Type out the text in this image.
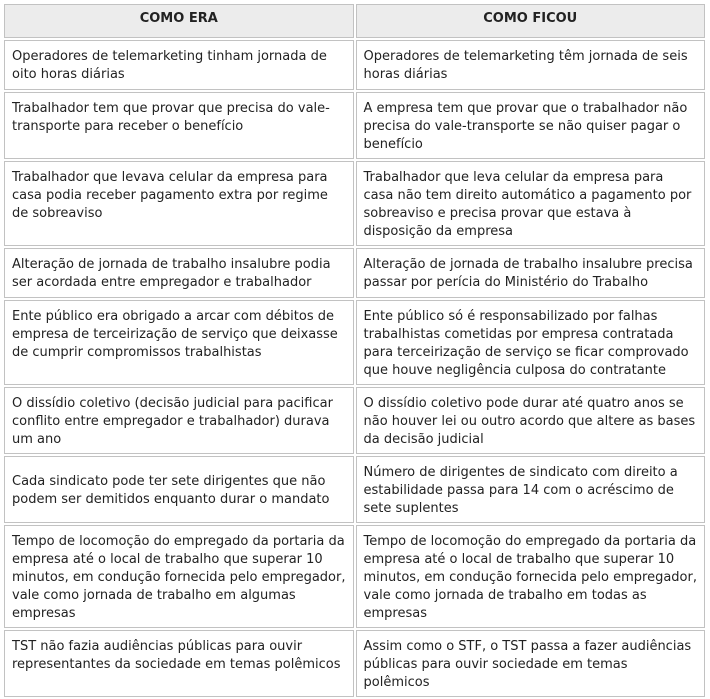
COMO ERA	COMO FICOU
Operadores de telemarketing tinham jornada de oito horas diárias	Operadores de telemarketing têm jornada de seis horas diárias
Trabalhador tem que provar que precisa do vale-transporte para receber o benefício	A empresa tem que provar que o trabalhador não precisa do vale-transporte se não quiser pagar o benefício
Trabalhador que levava celular da empresa para casa podia receber pagamento extra por regime de sobreaviso	Trabalhador que leva celular da empresa para casa não tem direito automático a pagamento por sobreaviso e precisa provar que estava à disposição da empresa
Alteração de jornada de trabalho insalubre podia ser acordada entre empregador e trabalhador	Alteração de jornada de trabalho insalubre precisa passar por perícia do Ministério do Trabalho
Ente público era obrigado a arcar com débitos de empresa de terceirização de serviço que deixasse de cumprir compromissos trabalhistas	Ente público só é responsabilizado por falhas trabalhistas cometidas por empresa contratada para terceirização de serviço se ficar comprovado que houve negligência culposa do contratante
O dissídio coletivo (decisão judicial para pacificar conflito entre empregador e trabalhador) durava um ano	O dissídio coletivo pode durar até quatro anos se não houver lei ou outro acordo que altere as bases da decisão judicial
Cada sindicato pode ter sete dirigentes que não podem ser demitidos enquanto durar o mandato	Número de dirigentes de sindicato com direito a estabilidade passa para 14 com o acréscimo de sete suplentes
Tempo de locomoção do empregado da portaria da empresa até o local de trabalho que superar 10 minutos, em condução fornecida pelo empregador, vale como jornada de trabalho em algumas empresas	Tempo de locomoção do empregado da portaria da empresa até o local de trabalho que superar 10 minutos, em condução fornecida pelo empregador, vale como jornada de trabalho em todas as empresas
TST não fazia audiências públicas para ouvir representantes da sociedade em temas polêmicos	Assim como o STF, o TST passa a fazer audiências públicas para ouvir sociedade em temas polêmicos
